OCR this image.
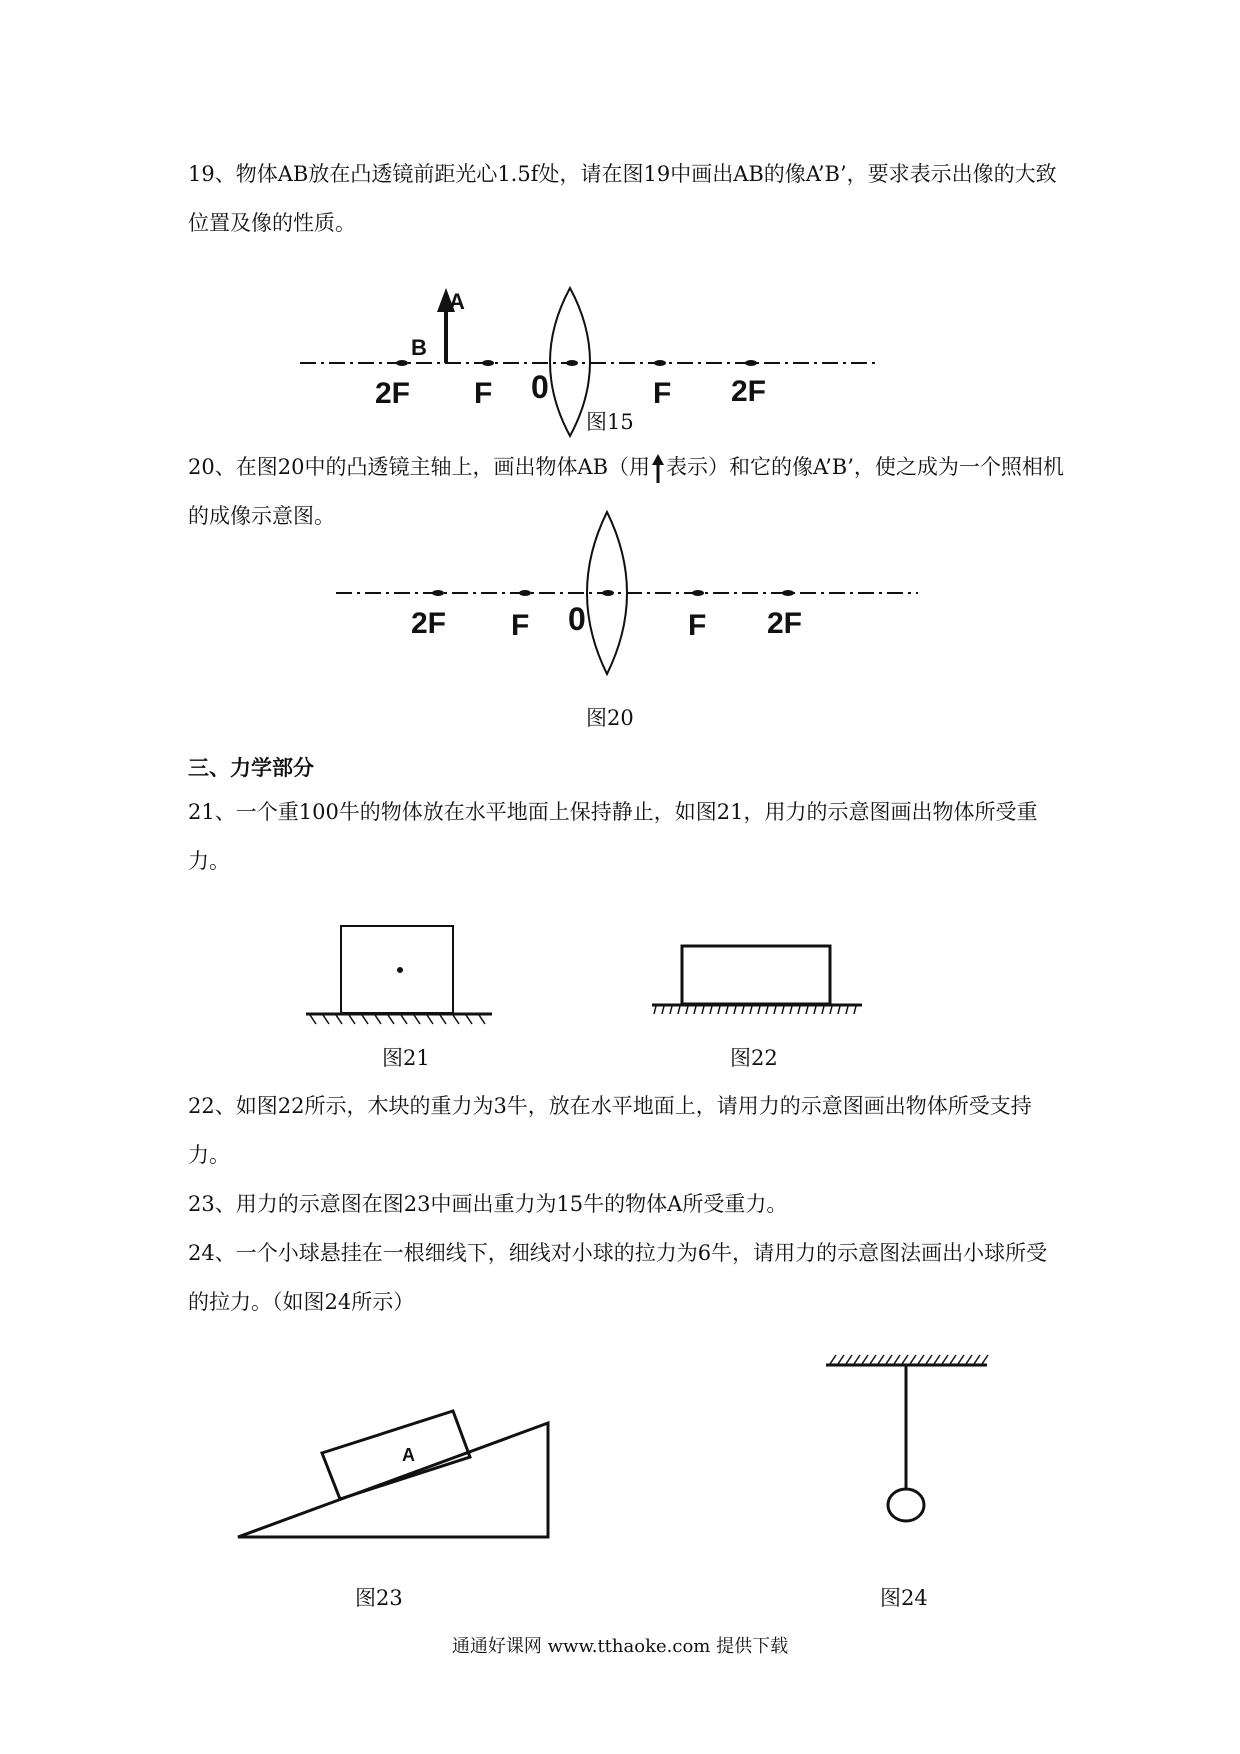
19、物体AB放在凸透镜前距光心1.5f处，请在图19中画出AB的像A’B’，要求表示出像的大致位置及像的性质。

A
B
2F F 0	F 2F

图15

20、在图20中的凸透镜主轴上，画出物体AB（用 表示）和它的像A’B’，使之成为一个照相机的成像示意图。

2F F 0	F 2F

图20

三、力学部分

21、一个重100牛的物体放在水平地面上保持静止，如图21，用力的示意图画出物体所受重力。

图21	图22

22、如图22所示，木块的重力为3牛，放在水平地面上，请用力的示意图画出物体所受支持力。

23、用力的示意图在图23中画出重力为15牛的物体A所受重力。

24、一个小球悬挂在一根细线下，细线对小球的拉力为6牛，请用力的示意图法画出小球所受的拉力。（如图24所示）

A

图23	图24

通通好课网 www.tthaoke.com 提供下载
